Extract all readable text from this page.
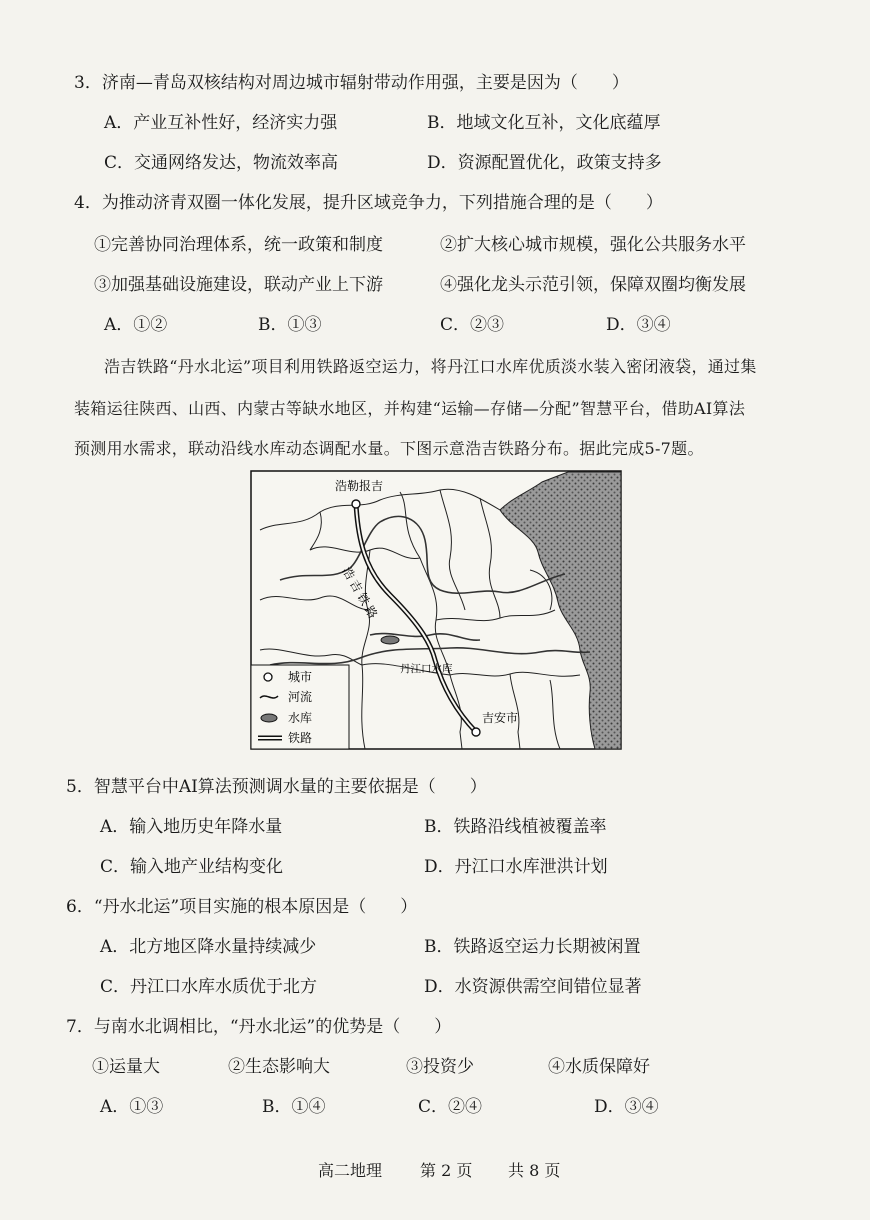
3．济南—青岛双核结构对周边城市辐射带动作用强，主要是因为（　　）
A．产业互补性好，经济实力强	B．地域文化互补，文化底蕴厚
C．交通网络发达，物流效率高	D．资源配置优化，政策支持多
4．为推动济青双圈一体化发展，提升区域竞争力，下列措施合理的是（　　）
①完善协同治理体系，统一政策和制度	②扩大核心城市规模，强化公共服务水平
③加强基础设施建设，联动产业上下游	④强化龙头示范引领，保障双圈均衡发展
A．①②	B．①③	C．②③	D．③④
浩吉铁路“丹水北运”项目利用铁路返空运力，将丹江口水库优质淡水装入密闭液袋，通过集
装箱运往陕西、山西、内蒙古等缺水地区，并构建“运输—存储—分配”智慧平台，借助AI算法
预测用水需求，联动沿线水库动态调配水量。下图示意浩吉铁路分布。据此完成5-7题。
浩勒报吉
吉安市
丹江口水库
浩吉铁路
城市
河流
水库
铁路
5．智慧平台中AI算法预测调水量的主要依据是（　　）
A．输入地历史年降水量	B．铁路沿线植被覆盖率
C．输入地产业结构变化	D．丹江口水库泄洪计划
6．“丹水北运”项目实施的根本原因是（　　）
A．北方地区降水量持续减少	B．铁路返空运力长期被闲置
C．丹江口水库水质优于北方	D．水资源供需空间错位显著
7．与南水北调相比，“丹水北运”的优势是（　　）
①运量大	②生态影响大	③投资少	④水质保障好
A．①③	B．①④	C．②④	D．③④
高二地理 第 2 页 共 8 页
